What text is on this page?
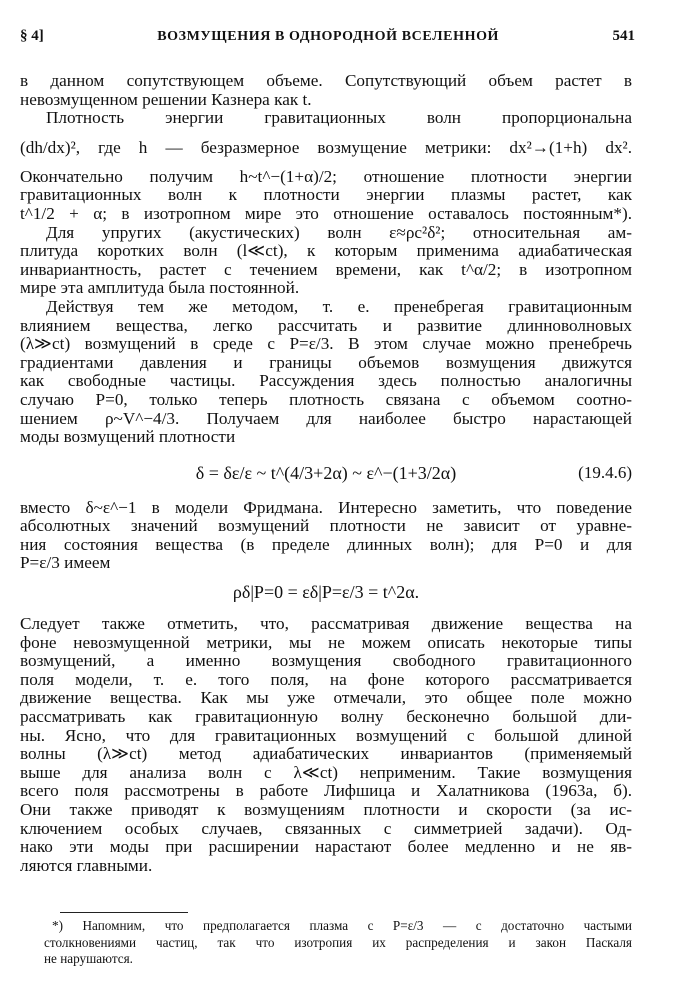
§ 4]	ВОЗМУЩЕНИЯ В ОДНОРОДНОЙ ВСЕЛЕННОЙ	541
в данном сопутствующем объеме. Сопутствующий объем растет в
невозмущенном решении Казнера как t.
Плотность энергии гравитационных волн пропорциональна
(dh/dx)², где h — безразмерное возмущение метрики: dx²→(1+h) dx².
Окончательно получим h~t^−(1+α)/2; отношение плотности энергии
гравитационных волн к плотности энергии плазмы растет, как
t^1/2 + α; в изотропном мире это отношение оставалось постоянным*).
Для упругих (акустических) волн ε≈ρc²δ²; относительная ам-
плитуда коротких волн (l≪ct), к которым применима адиабатическая
инвариантность, растет с течением времени, как t^α/2; в изотропном
мире эта амплитуда была постоянной.
Действуя тем же методом, т. е. пренебрегая гравитационным
влиянием вещества, легко рассчитать и развитие длинноволновых
(λ≫ct) возмущений в среде с P=ε/3. В этом случае можно пренебречь
градиентами давления и границы объемов возмущения движутся
как свободные частицы. Рассуждения здесь полностью аналогичны
случаю P=0, только теперь плотность связана с объемом соотно-
шением ρ~V^−4/3. Получаем для наиболее быстро нарастающей
моды возмущений плотности
δ = δε/ε ~ t^(4/3+2α) ~ ε^−(1+3/2α)	(19.4.6)
вместо δ~ε^−1 в модели Фридмана. Интересно заметить, что поведение
абсолютных значений возмущений плотности не зависит от уравне-
ния состояния вещества (в пределе длинных волн); для P=0 и для
P=ε/3 имеем
ρδ|P=0 = εδ|P=ε/3 = t^2α.
Следует также отметить, что, рассматривая движение вещества на
фоне невозмущенной метрики, мы не можем описать некоторые типы
возмущений, а именно возмущения свободного гравитационного
поля модели, т. е. того поля, на фоне которого рассматривается
движение вещества. Как мы уже отмечали, это общее поле можно
рассматривать как гравитационную волну бесконечно большой дли-
ны. Ясно, что для гравитационных возмущений с большой длиной
волны (λ≫ct) метод адиабатических инвариантов (применяемый
выше для анализа волн с λ≪ct) неприменим. Такие возмущения
всего поля рассмотрены в работе Лифшица и Халатникова (1963а, б).
Они также приводят к возмущениям плотности и скорости (за ис-
ключением особых случаев, связанных с симметрией задачи). Од-
нако эти моды при расширении нарастают более медленно и не яв-
ляются главными.
*) Напомним, что предполагается плазма с P=ε/3 — с достаточно частыми
столкновениями частиц, так что изотропия их распределения и закон Паскаля
не нарушаются.
